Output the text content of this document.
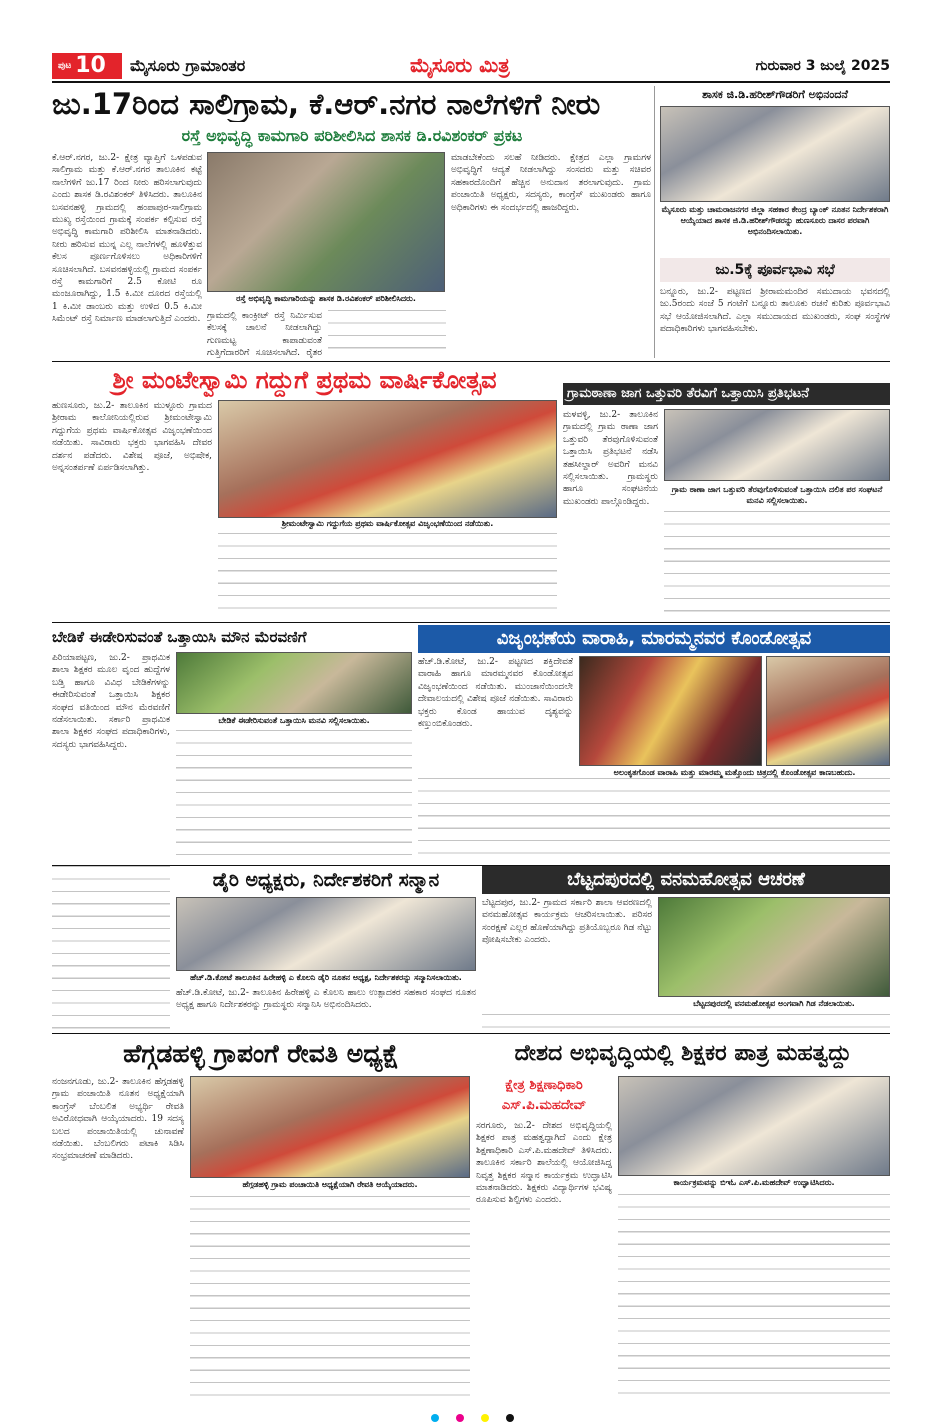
ಪುಟ 10	ಮೈಸೂರು ಗ್ರಾಮಾಂತರ	ಮೈಸೂರು ಮಿತ್ರ	ಗುರುವಾರ 3 ಜುಲೈ 2025
ಜು.17ರಿಂದ ಸಾಲಿಗ್ರಾಮ, ಕೆ.ಆರ್.ನಗರ ನಾಲೆಗಳಿಗೆ ನೀರು
ರಸ್ತೆ ಅಭಿವೃದ್ಧಿ ಕಾಮಗಾರಿ ಪರಿಶೀಲಿಸಿದ ಶಾಸಕ ಡಿ.ರವಿಶಂಕರ್ ಪ್ರಕಟ
ಕೆ.ಆರ್.ನಗರ, ಜು.2- ಕ್ಷೇತ್ರ ವ್ಯಾಪ್ತಿಗೆ ಒಳಪಡುವ ಸಾಲಿಗ್ರಾಮ ಮತ್ತು ಕೆ.ಆರ್.ನಗರ ತಾಲೂಕಿನ ಕಟ್ಟೆ ನಾಲೆಗಳಿಗೆ ಜು.17 ರಿಂದ ನೀರು ಹರಿಸಲಾಗುವುದು ಎಂದು ಶಾಸಕ ಡಿ.ರವಿಶಂಕರ್ ತಿಳಿಸಿದರು. ತಾಲೂಕಿನ ಬಸವನಹಳ್ಳಿ ಗ್ರಾಮದಲ್ಲಿ ಹಂಪಾಪುರ-ಸಾಲಿಗ್ರಾಮ ಮುಖ್ಯ ರಸ್ತೆಯಿಂದ ಗ್ರಾಮಕ್ಕೆ ಸಂಪರ್ಕ ಕಲ್ಪಿಸುವ ರಸ್ತೆ ಅಭಿವೃದ್ಧಿ ಕಾಮಗಾರಿ ಪರಿಶೀಲಿಸಿ ಮಾತನಾಡಿದರು. ನೀರು ಹರಿಸುವ ಮುನ್ನ ಎಲ್ಲ ನಾಲೆಗಳಲ್ಲಿ ಹೂಳೆತ್ತುವ ಕೆಲಸ ಪೂರ್ಣಗೊಳಿಸಲು ಅಧಿಕಾರಿಗಳಿಗೆ ಸೂಚಿಸಲಾಗಿದೆ. ಬಸವನಹಳ್ಳಿಯಲ್ಲಿ ಗ್ರಾಮದ ಸಂಪರ್ಕ ರಸ್ತೆ ಕಾಮಗಾರಿಗೆ 2.5 ಕೋಟಿ ರೂ ಮಂಜೂರಾಗಿದ್ದು, 1.5 ಕಿ.ಮೀ ದೂರದ ರಸ್ತೆಯಲ್ಲಿ 1 ಕಿ.ಮೀ ಡಾಂಬರು ಮತ್ತು ಉಳಿದ 0.5 ಕಿ.ಮೀ ಸಿಮೆಂಟ್ ರಸ್ತೆ ನಿರ್ಮಾಣ ಮಾಡಲಾಗುತ್ತಿದೆ ಎಂದರು.
ರಸ್ತೆ ಅಭಿವೃದ್ಧಿ ಕಾಮಗಾರಿಯನ್ನು ಶಾಸಕ ಡಿ.ರವಿಶಂಕರ್ ಪರಿಶೀಲಿಸಿದರು.
ಗ್ರಾಮದಲ್ಲಿ ಕಾಂಕ್ರೀಟ್ ರಸ್ತೆ ನಿರ್ಮಿಸುವ ಕೆಲಸಕ್ಕೆ ಚಾಲನೆ ನೀಡಲಾಗಿದ್ದು ಗುಣಮಟ್ಟ ಕಾಪಾಡುವಂತೆ ಗುತ್ತಿಗೆದಾರರಿಗೆ ಸೂಚಿಸಲಾಗಿದೆ. ರೈತರ
ಮಾಡಬೇಕೆಂದು ಸಲಹೆ ನೀಡಿದರು. ಕ್ಷೇತ್ರದ ಎಲ್ಲಾ ಗ್ರಾಮಗಳ ಅಭಿವೃದ್ಧಿಗೆ ಆದ್ಯತೆ ನೀಡಲಾಗಿದ್ದು ಸಂಸದರು ಮತ್ತು ಸಚಿವರ ಸಹಕಾರದೊಂದಿಗೆ ಹೆಚ್ಚಿನ ಅನುದಾನ ತರಲಾಗುವುದು. ಗ್ರಾಮ ಪಂಚಾಯಿತಿ ಅಧ್ಯಕ್ಷರು, ಸದಸ್ಯರು, ಕಾಂಗ್ರೆಸ್ ಮುಖಂಡರು ಹಾಗೂ ಅಧಿಕಾರಿಗಳು ಈ ಸಂದರ್ಭದಲ್ಲಿ ಹಾಜರಿದ್ದರು.
ಶಾಸಕ ಜಿ.ಡಿ.ಹರೀಶ್‌ಗೌಡರಿಗೆ ಅಭಿನಂದನೆ
ಮೈಸೂರು ಮತ್ತು ಚಾಮರಾಜನಗರ ಜಿಲ್ಲಾ ಸಹಕಾರ ಕೇಂದ್ರ ಬ್ಯಾಂಕ್ ನೂತನ ನಿರ್ದೇಶಕರಾಗಿ ಆಯ್ಕೆಯಾದ ಶಾಸಕ ಜಿ.ಡಿ.ಹರೀಶ್‌ಗೌಡರನ್ನು ಹುಣಸೂರು ದಾಸರ ಪರವಾಗಿ ಅಭಿನಂದಿಸಲಾಯಿತು.
ಜು.5ಕ್ಕೆ ಪೂರ್ವಭಾವಿ ಸಭೆ
ಬನ್ನೂರು, ಜು.2- ಪಟ್ಟಣದ ಶ್ರೀರಾಮಮಂದಿರ ಸಮುದಾಯ ಭವನದಲ್ಲಿ ಜು.5ರಂದು ಸಂಜೆ 5 ಗಂಟೆಗೆ ಬನ್ನೂರು ತಾಲೂಕು ರಚನೆ ಕುರಿತು ಪೂರ್ವಭಾವಿ ಸಭೆ ಆಯೋಜಿಸಲಾಗಿದೆ. ಎಲ್ಲಾ ಸಮುದಾಯದ ಮುಖಂಡರು, ಸಂಘ ಸಂಸ್ಥೆಗಳ ಪದಾಧಿಕಾರಿಗಳು ಭಾಗವಹಿಸಬೇಕು.
ಶ್ರೀ ಮಂಟೇಸ್ವಾಮಿ ಗದ್ದುಗೆ ಪ್ರಥಮ ವಾರ್ಷಿಕೋತ್ಸವ
ಹುಣಸೂರು, ಜು.2- ತಾಲೂಕಿನ ಮುಳ್ಳೂರು ಗ್ರಾಮದ ಶ್ರೀರಾಮ ಕಾಲೋನಿಯಲ್ಲಿರುವ ಶ್ರೀಮಂಟೇಸ್ವಾಮಿ ಗದ್ದುಗೆಯ ಪ್ರಥಮ ವಾರ್ಷಿಕೋತ್ಸವ ವಿಜೃಂಭಣೆಯಿಂದ ನಡೆಯಿತು. ಸಾವಿರಾರು ಭಕ್ತರು ಭಾಗವಹಿಸಿ ದೇವರ ದರ್ಶನ ಪಡೆದರು. ವಿಶೇಷ ಪೂಜೆ, ಅಭಿಷೇಕ, ಅನ್ನಸಂತರ್ಪಣೆ ಏರ್ಪಡಿಸಲಾಗಿತ್ತು.
ಶ್ರೀಮಂಟೇಸ್ವಾಮಿ ಗದ್ದುಗೆಯ ಪ್ರಥಮ ವಾರ್ಷಿಕೋತ್ಸವ ವಿಜೃಂಭಣೆಯಿಂದ ನಡೆಯಿತು.
ಗ್ರಾಮಠಾಣಾ ಜಾಗ ಒತ್ತುವರಿ ತೆರವಿಗೆ ಒತ್ತಾಯಿಸಿ ಪ್ರತಿಭಟನೆ
ಮಳವಳ್ಳಿ, ಜು.2- ತಾಲೂಕಿನ ಗ್ರಾಮದಲ್ಲಿ ಗ್ರಾಮ ಠಾಣಾ ಜಾಗ ಒತ್ತುವರಿ ತೆರವುಗೊಳಿಸುವಂತೆ ಒತ್ತಾಯಿಸಿ ಪ್ರತಿಭಟನೆ ನಡೆಸಿ ತಹಸೀಲ್ದಾರ್ ಅವರಿಗೆ ಮನವಿ ಸಲ್ಲಿಸಲಾಯಿತು. ಗ್ರಾಮಸ್ಥರು ಹಾಗೂ ಸಂಘಟನೆಯ ಮುಖಂಡರು ಪಾಲ್ಗೊಂಡಿದ್ದರು.
ಗ್ರಾಮ ಠಾಣಾ ಜಾಗ ಒತ್ತುವರಿ ತೆರವುಗೊಳಿಸುವಂತೆ ಒತ್ತಾಯಿಸಿ ದಲಿತ ಪರ ಸಂಘಟನೆ ಮನವಿ ಸಲ್ಲಿಸಲಾಯಿತು.
ಬೇಡಿಕೆ ಈಡೇರಿಸುವಂತೆ ಒತ್ತಾಯಿಸಿ ಮೌನ ಮೆರವಣಿಗೆ
ಪಿರಿಯಾಪಟ್ಟಣ, ಜು.2- ಪ್ರಾಥಮಿಕ ಶಾಲಾ ಶಿಕ್ಷಕರ ಮೂಲ ವೃಂದ ಹುದ್ದೆಗಳ ಬಡ್ತಿ ಹಾಗೂ ವಿವಿಧ ಬೇಡಿಕೆಗಳನ್ನು ಈಡೇರಿಸುವಂತೆ ಒತ್ತಾಯಿಸಿ ಶಿಕ್ಷಕರ ಸಂಘದ ವತಿಯಿಂದ ಮೌನ ಮೆರವಣಿಗೆ ನಡೆಸಲಾಯಿತು. ಸರ್ಕಾರಿ ಪ್ರಾಥಮಿಕ ಶಾಲಾ ಶಿಕ್ಷಕರ ಸಂಘದ ಪದಾಧಿಕಾರಿಗಳು, ಸದಸ್ಯರು ಭಾಗವಹಿಸಿದ್ದರು.
ಬೇಡಿಕೆ ಈಡೇರಿಸುವಂತೆ ಒತ್ತಾಯಿಸಿ ಮನವಿ ಸಲ್ಲಿಸಲಾಯಿತು.
ವಿಜೃಂಭಣೆಯ ವಾರಾಹಿ, ಮಾರಮ್ಮನವರ ಕೊಂಡೋತ್ಸವ
ಹೆಚ್.ಡಿ.ಕೋಟೆ, ಜು.2- ಪಟ್ಟಣದ ಶಕ್ತಿದೇವತೆ ವಾರಾಹಿ ಹಾಗೂ ಮಾರಮ್ಮನವರ ಕೊಂಡೋತ್ಸವ ವಿಜೃಂಭಣೆಯಿಂದ ನಡೆಯಿತು. ಮುಂಜಾನೆಯಿಂದಲೇ ದೇವಾಲಯದಲ್ಲಿ ವಿಶೇಷ ಪೂಜೆ ನಡೆಯಿತು. ಸಾವಿರಾರು ಭಕ್ತರು ಕೊಂಡ ಹಾಯುವ ದೃಶ್ಯವನ್ನು ಕಣ್ತುಂಬಿಕೊಂಡರು.
ಅಲಂಕೃತಗೊಂಡ ವಾರಾಹಿ ಮತ್ತು ಮಾರಮ್ಮ ಮತ್ತೊಂದು ಚಿತ್ರದಲ್ಲಿ ಕೊಂಡೋತ್ಸವ ಕಾಣಬಹುದು.
ಡೈರಿ ಅಧ್ಯಕ್ಷರು, ನಿರ್ದೇಶಕರಿಗೆ ಸನ್ಮಾನ
ಹೆಚ್.ಡಿ.ಕೋಟೆ ತಾಲೂಕಿನ ಹಿರೇಹಳ್ಳಿ ಎ ಕೊಲನಿ ಡೈರಿ ನೂತನ ಅಧ್ಯಕ್ಷ, ನಿರ್ದೇಶಕರನ್ನು ಸನ್ಮಾನಿಸಲಾಯಿತು.
ಹೆಚ್.ಡಿ.ಕೋಟೆ, ಜು.2- ತಾಲೂಕಿನ ಹಿರೇಹಳ್ಳಿ ಎ ಕೊಲನಿ ಹಾಲು ಉತ್ಪಾದಕರ ಸಹಕಾರ ಸಂಘದ ನೂತನ ಅಧ್ಯಕ್ಷ ಹಾಗೂ ನಿರ್ದೇಶಕರನ್ನು ಗ್ರಾಮಸ್ಥರು ಸನ್ಮಾನಿಸಿ ಅಭಿನಂದಿಸಿದರು.
ಬೆಟ್ಟದಪುರದಲ್ಲಿ ವನಮಹೋತ್ಸವ ಆಚರಣೆ
ಬೆಟ್ಟದಪುರ, ಜು.2- ಗ್ರಾಮದ ಸರ್ಕಾರಿ ಶಾಲಾ ಆವರಣದಲ್ಲಿ ವನಮಹೋತ್ಸವ ಕಾರ್ಯಕ್ರಮ ಆಚರಿಸಲಾಯಿತು. ಪರಿಸರ ಸಂರಕ್ಷಣೆ ಎಲ್ಲರ ಹೊಣೆಯಾಗಿದ್ದು ಪ್ರತಿಯೊಬ್ಬರೂ ಗಿಡ ನೆಟ್ಟು ಪೋಷಿಸಬೇಕು ಎಂದರು.
ಬೆಟ್ಟದಪುರದಲ್ಲಿ ವನಮಹೋತ್ಸವ ಅಂಗವಾಗಿ ಗಿಡ ನೆಡಲಾಯಿತು.
ಹೆಗ್ಗಡಹಳ್ಳಿ ಗ್ರಾಪಂಗೆ ರೇವತಿ ಅಧ್ಯಕ್ಷೆ
ನಂಜನಗೂಡು, ಜು.2- ತಾಲೂಕಿನ ಹೆಗ್ಗಡಹಳ್ಳಿ ಗ್ರಾಮ ಪಂಚಾಯಿತಿ ನೂತನ ಅಧ್ಯಕ್ಷೆಯಾಗಿ ಕಾಂಗ್ರೆಸ್ ಬೆಂಬಲಿತ ಅಭ್ಯರ್ಥಿ ರೇವತಿ ಅವಿರೋಧವಾಗಿ ಆಯ್ಕೆಯಾದರು. 19 ಸದಸ್ಯ ಬಲದ ಪಂಚಾಯಿತಿಯಲ್ಲಿ ಚುನಾವಣೆ ನಡೆಯಿತು. ಬೆಂಬಲಿಗರು ಪಟಾಕಿ ಸಿಡಿಸಿ ಸಂಭ್ರಮಾಚರಣೆ ಮಾಡಿದರು.
ಹೆಗ್ಗಡಹಳ್ಳಿ ಗ್ರಾಮ ಪಂಚಾಯಿತಿ ಅಧ್ಯಕ್ಷೆಯಾಗಿ ರೇವತಿ ಆಯ್ಕೆಯಾದರು.
ದೇಶದ ಅಭಿವೃದ್ಧಿಯಲ್ಲಿ ಶಿಕ್ಷಕರ ಪಾತ್ರ ಮಹತ್ವದ್ದು
ಕ್ಷೇತ್ರ ಶಿಕ್ಷಣಾಧಿಕಾರಿ
ಎಸ್.ಪಿ.ಮಹದೇವ್
ಸರಗೂರು, ಜು.2- ದೇಶದ ಅಭಿವೃದ್ಧಿಯಲ್ಲಿ ಶಿಕ್ಷಕರ ಪಾತ್ರ ಮಹತ್ವದ್ದಾಗಿದೆ ಎಂದು ಕ್ಷೇತ್ರ ಶಿಕ್ಷಣಾಧಿಕಾರಿ ಎಸ್.ಪಿ.ಮಹದೇವ್ ತಿಳಿಸಿದರು. ತಾಲೂಕಿನ ಸರ್ಕಾರಿ ಶಾಲೆಯಲ್ಲಿ ಆಯೋಜಿಸಿದ್ದ ನಿವೃತ್ತ ಶಿಕ್ಷಕರ ಸನ್ಮಾನ ಕಾರ್ಯಕ್ರಮ ಉದ್ಘಾಟಿಸಿ ಮಾತನಾಡಿದರು. ಶಿಕ್ಷಕರು ವಿದ್ಯಾರ್ಥಿಗಳ ಭವಿಷ್ಯ ರೂಪಿಸುವ ಶಿಲ್ಪಿಗಳು ಎಂದರು.
ಕಾರ್ಯಕ್ರಮವನ್ನು ಬಿಇಓ ಎಸ್.ಪಿ.ಮಹದೇವ್ ಉದ್ಘಾಟಿಸಿದರು.
